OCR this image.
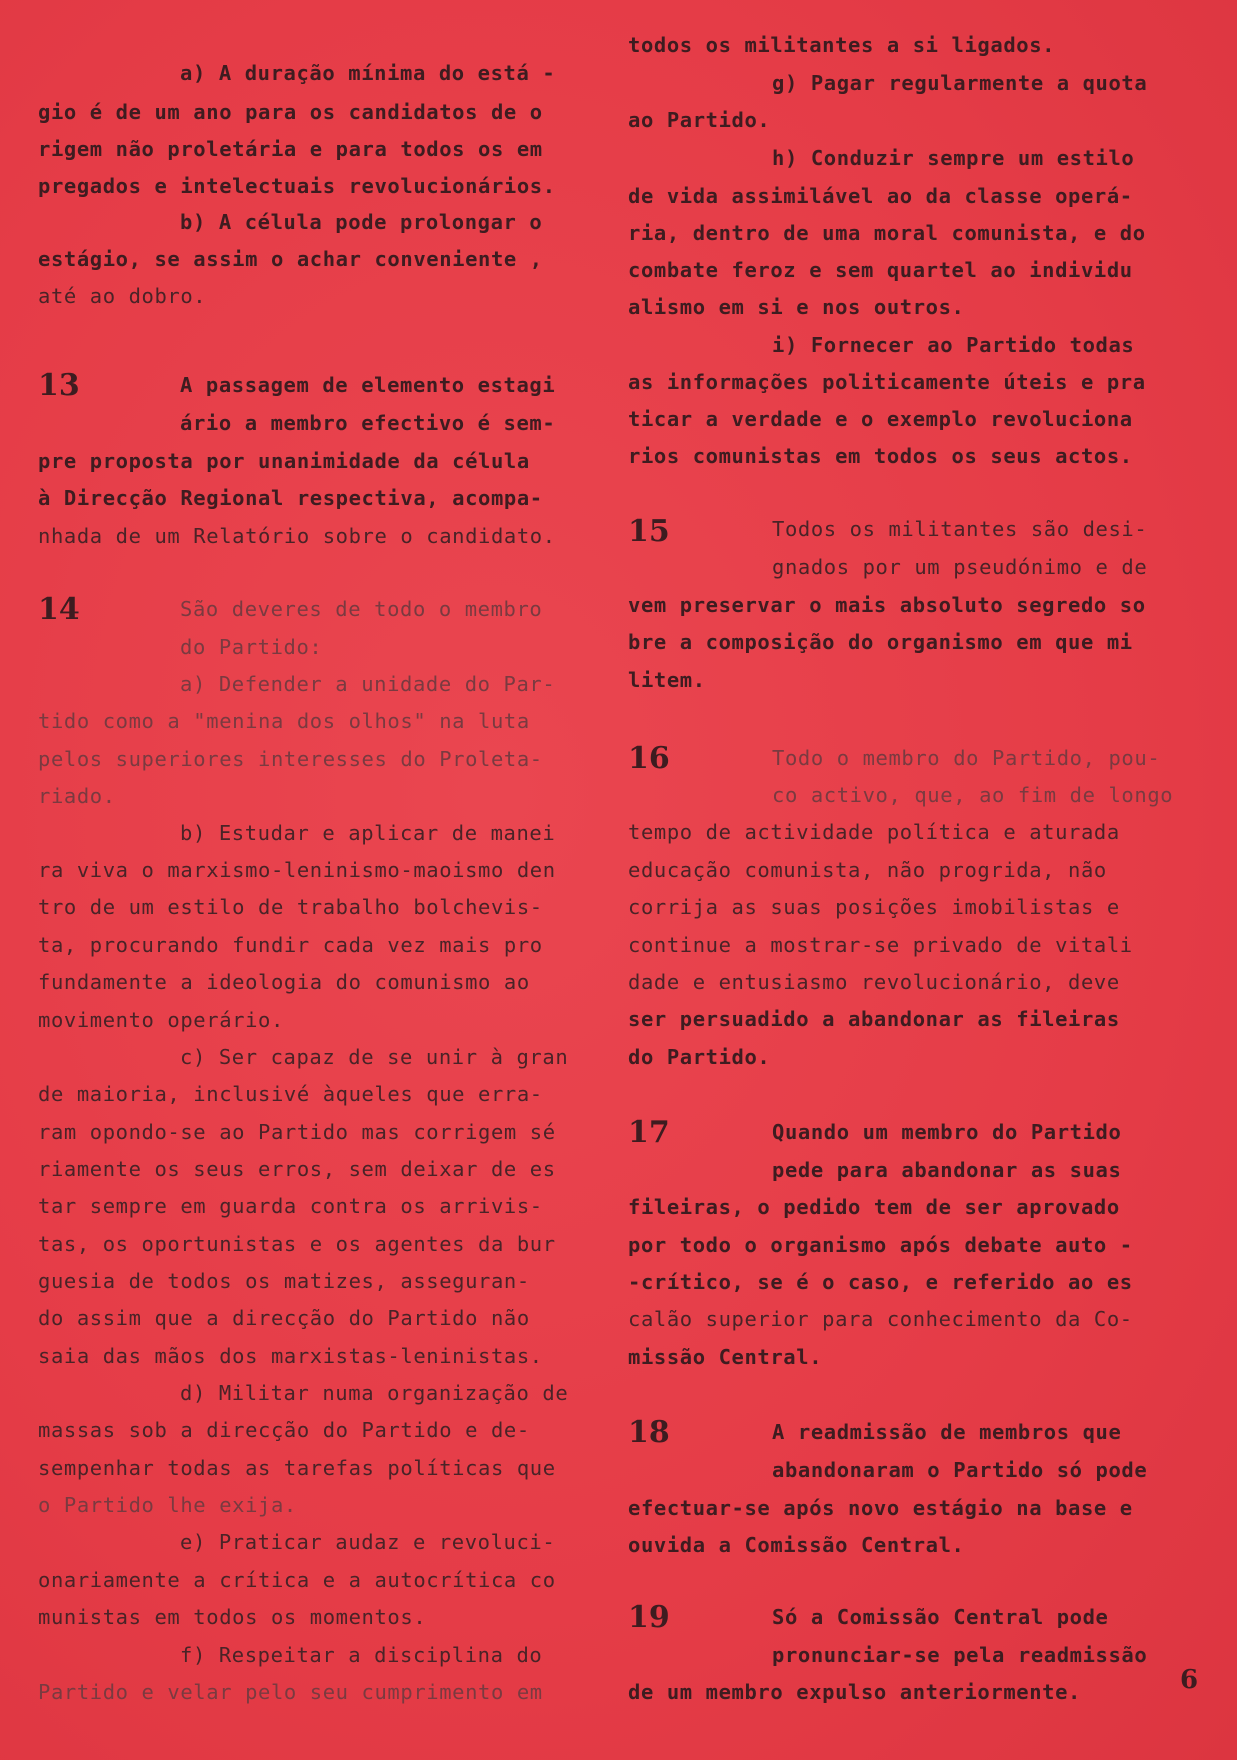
a) A duração mínima do está -
gio é de um ano para os candidatos de o
rigem não proletária e para todos os em
pregados e intelectuais revolucionários.
b) A célula pode prolongar o
estágio, se assim o achar conveniente ,
até ao dobro.
A passagem de elemento estagi
ário a membro efectivo é sem-
pre proposta por unanimidade da célula
à Direcção Regional respectiva, acompa-
nhada de um Relatório sobre o candidato.
São deveres de todo o membro
do Partido:
a) Defender a unidade do Par-
tido como a "menina dos olhos" na luta
pelos superiores interesses do Proleta-
riado.
b) Estudar e aplicar de manei
ra viva o marxismo-leninismo-maoismo den
tro de um estilo de trabalho bolchevis-
ta, procurando fundir cada vez mais pro
fundamente a ideologia do comunismo ao
movimento operário.
c) Ser capaz de se unir à gran
de maioria, inclusivé àqueles que erra-
ram opondo-se ao Partido mas corrigem sé
riamente os seus erros, sem deixar de es
tar sempre em guarda contra os arrivis-
tas, os oportunistas e os agentes da bur
guesia de todos os matizes, asseguran-
do assim que a direcção do Partido não
saia das mãos dos marxistas-leninistas.
d) Militar numa organização de
massas sob a direcção do Partido e de-
sempenhar todas as tarefas políticas que
o Partido lhe exija.
e) Praticar audaz e revoluci-
onariamente a crítica e a autocrítica co
munistas em todos os momentos.
f) Respeitar a disciplina do
Partido e velar pelo seu cumprimento em
todos os militantes a si ligados.
g) Pagar regularmente a quota
ao Partido.
h) Conduzir sempre um estilo
de vida assimilável ao da classe operá-
ria, dentro de uma moral comunista, e do
combate feroz e sem quartel ao individu
alismo em si e nos outros.
i) Fornecer ao Partido todas
as informações politicamente úteis e pra
ticar a verdade e o exemplo revoluciona
rios comunistas em todos os seus actos.
Todos os militantes são desi-
gnados por um pseudónimo e de
vem preservar o mais absoluto segredo so
bre a composição do organismo em que mi
litem.
Todo o membro do Partido, pou-
co activo, que, ao fim de longo
tempo de actividade política e aturada
educação comunista, não progrida, não
corrija as suas posições imobilistas e
continue a mostrar-se privado de vitali
dade e entusiasmo revolucionário, deve
ser persuadido a abandonar as fileiras
do Partido.
Quando um membro do Partido
pede para abandonar as suas
fileiras, o pedido tem de ser aprovado
por todo o organismo após debate auto -
-crítico, se é o caso, e referido ao es
calão superior para conhecimento da Co-
missão Central.
A readmissão de membros que
abandonaram o Partido só pode
efectuar-se após novo estágio na base e
ouvida a Comissão Central.
Só a Comissão Central pode
pronunciar-se pela readmissão
de um membro expulso anteriormente.	6
13
14
15
16
17
18
19
